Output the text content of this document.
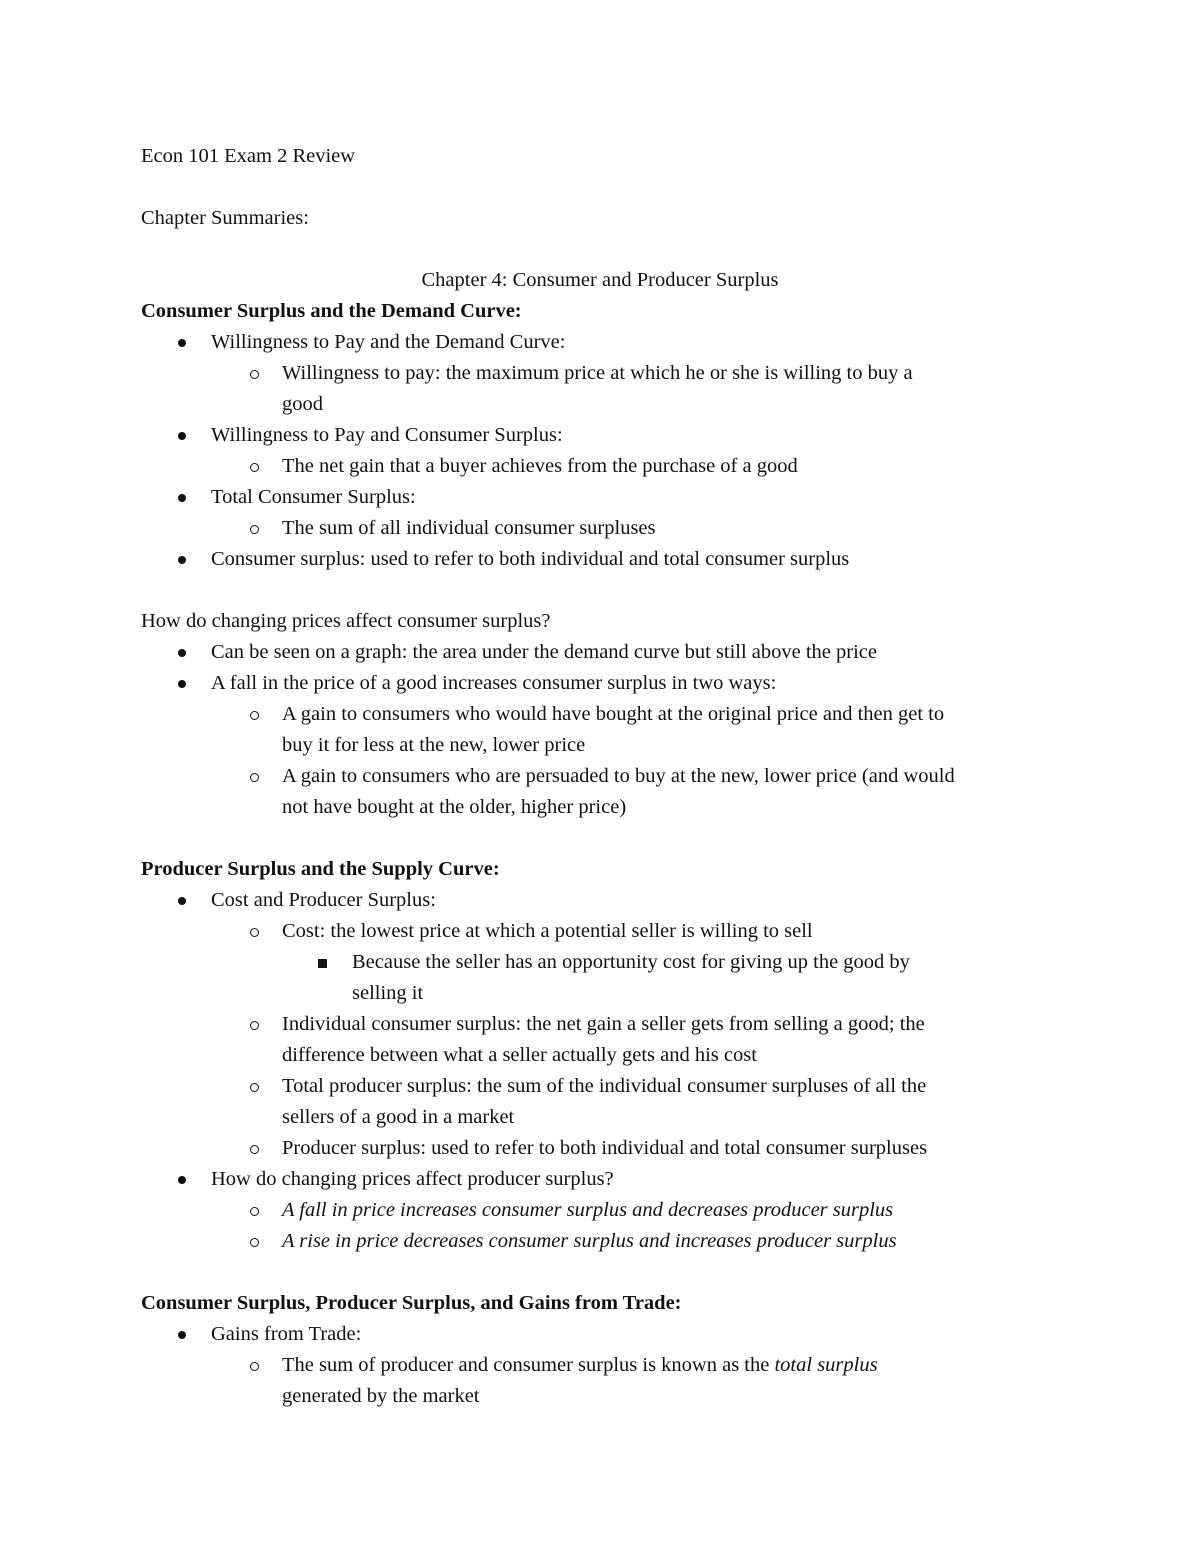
Econ 101 Exam 2 Review
Chapter Summaries:
Chapter 4: Consumer and Producer Surplus
Consumer Surplus and the Demand Curve:
Willingness to Pay and the Demand Curve:
Willingness to pay: the maximum price at which he or she is willing to buy a
good
Willingness to Pay and Consumer Surplus:
The net gain that a buyer achieves from the purchase of a good
Total Consumer Surplus:
The sum of all individual consumer surpluses
Consumer surplus: used to refer to both individual and total consumer surplus
How do changing prices affect consumer surplus?
Can be seen on a graph: the area under the demand curve but still above the price
A fall in the price of a good increases consumer surplus in two ways:
A gain to consumers who would have bought at the original price and then get to
buy it for less at the new, lower price
A gain to consumers who are persuaded to buy at the new, lower price (and would
not have bought at the older, higher price)
Producer Surplus and the Supply Curve:
Cost and Producer Surplus:
Cost: the lowest price at which a potential seller is willing to sell
Because the seller has an opportunity cost for giving up the good by
selling it
Individual consumer surplus: the net gain a seller gets from selling a good; the
difference between what a seller actually gets and his cost
Total producer surplus: the sum of the individual consumer surpluses of all the
sellers of a good in a market
Producer surplus: used to refer to both individual and total consumer surpluses
How do changing prices affect producer surplus?
A fall in price increases consumer surplus and decreases producer surplus
A rise in price decreases consumer surplus and increases producer surplus
Consumer Surplus, Producer Surplus, and Gains from Trade:
Gains from Trade:
The sum of producer and consumer surplus is known as the total surplus
generated by the market
